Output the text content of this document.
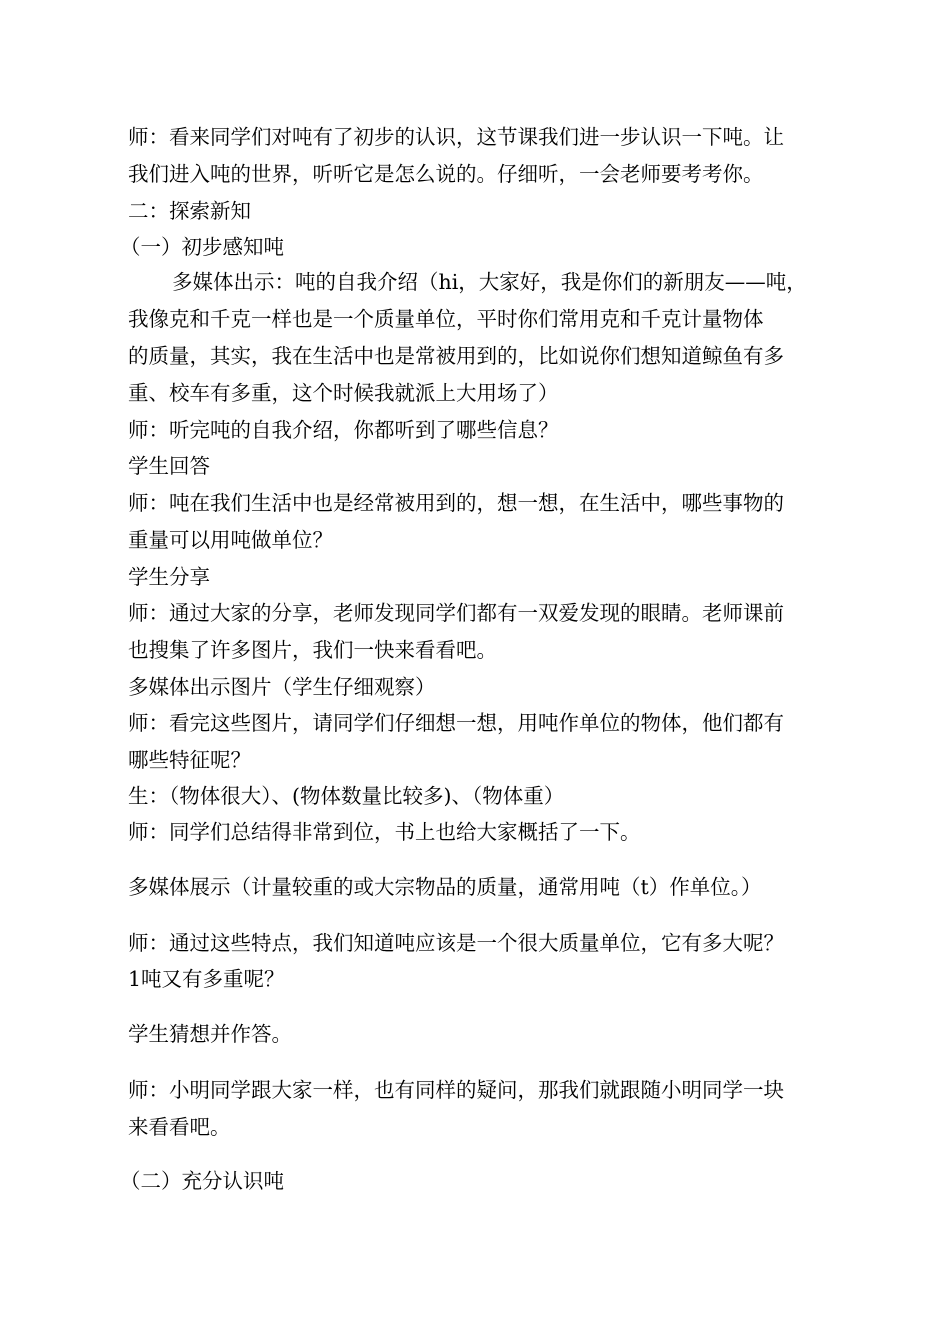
师：看来同学们对吨有了初步的认识，这节课我们进一步认识一下吨。让
我们进入吨的世界，听听它是怎么说的。仔细听，一会老师要考考你。
二：探索新知
（一）初步感知吨
多媒体出示：吨的自我介绍（hi，大家好，我是你们的新朋友——吨，
我像克和千克一样也是一个质量单位，平时你们常用克和千克计量物体
的质量，其实，我在生活中也是常被用到的，比如说你们想知道鲸鱼有多
重、校车有多重，这个时候我就派上大用场了）
师：听完吨的自我介绍，你都听到了哪些信息？
学生回答
师：吨在我们生活中也是经常被用到的，想一想，在生活中，哪些事物的
重量可以用吨做单位？
学生分享
师：通过大家的分享，老师发现同学们都有一双爱发现的眼睛。老师课前
也搜集了许多图片，我们一快来看看吧。
多媒体出示图片（学生仔细观察）
师：看完这些图片，请同学们仔细想一想，用吨作单位的物体，他们都有
哪些特征呢？
生：（物体很大）、(物体数量比较多)、（物体重）
师：同学们总结得非常到位，书上也给大家概括了一下。
多媒体展示（计量较重的或大宗物品的质量，通常用吨（t）作单位。）
师：通过这些特点，我们知道吨应该是一个很大质量单位，它有多大呢？
1吨又有多重呢？
学生猜想并作答。
师：小明同学跟大家一样，也有同样的疑问，那我们就跟随小明同学一块
来看看吧。
（二）充分认识吨
